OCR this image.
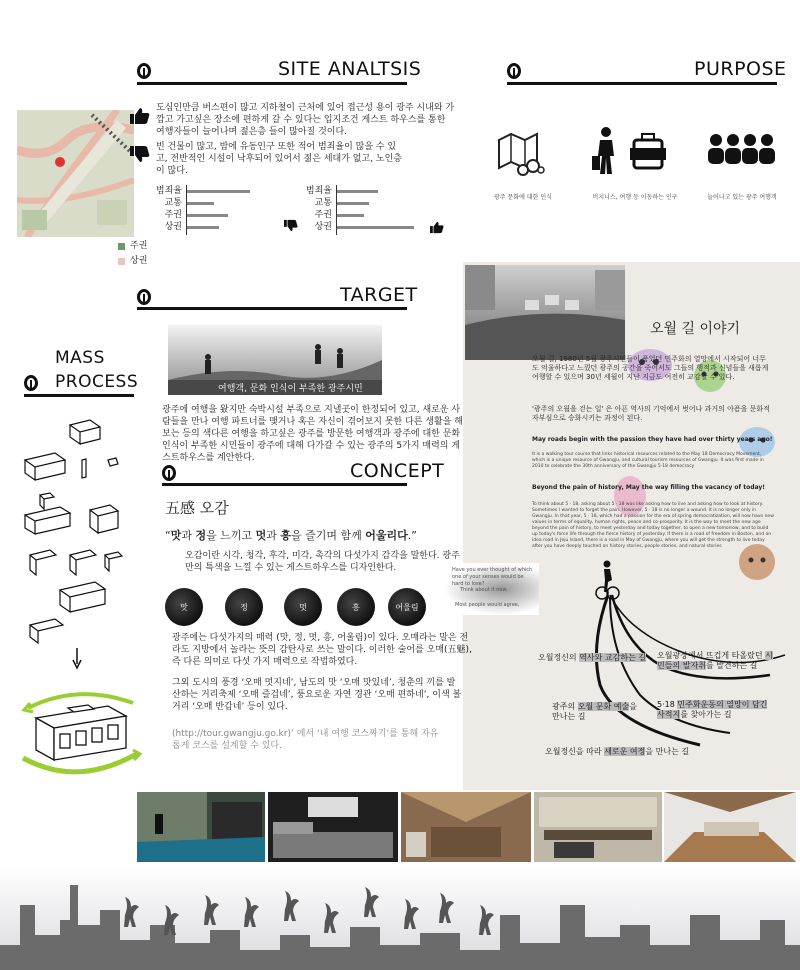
SITE ANALTSIS
주권
상권
도심인만큼 버스편이 많고 지하철이 근처에 있어 접근성 용이 광주 시내와 가깝고 가고싶은 장소에 편하게 갈 수 있다는 입지조건 게스트 하우스를 통한 여행자들이 늘어나며 젊은층 들이 많아질 것이다.
빈 건물이 많고, 밤에 유동인구 또한 적어 범죄율이 많을 수 있고, 전반적인 시설이 낙후되어 있어서 젊은 세대가 없고, 노인층이 많다.
범죄율
교통
주권
상권
범죄율
교통
주권
상권
PURPOSE
광주 문화에 대한 인식	비지니스, 여행 등 이동하는 인구	늘어나고 있는 광주 여행객
오월 길 이야기
오월 길, 1980년 5월 광주시민들이 품었던 민주화의 열망에서 시작되어 너무도 억울하다고 느꼈던 광주의 공간을 죽어서도 그들의 행적과 신념들을 새롭게 여행할 수 있으며 30년 세월이 지난 지금도 여전히 교감할 수 있다.
'광주의 오월을 걷는 일' 은 아픈 역사의 기억에서 벗어나 과거의 아픔을 문화적 자부심으로 승화시키는 과정이 된다.
May roads begin with the passion they have had over thirty years ago!
It is a walking tour course that links historical resources related to the May 18 Democracy Movement, which is a unique resource of Gwangju, and cultural tourism resources of Gwangju. It was first made in 2010 to celebrate the 30th anniversary of the Gwangju 5·18 democracy
Beyond the pain of history, May the way filling the vacancy of today!
To think about 5 · 18, asking about 5 · 18 was like asking how to live and asking how to look at history. Sometimes I wanted to forget the pain. However, 5 · 18 is no longer a wound. It is no longer only in Gwangju. In that year, 5 · 18, which had a passion for the era of spring democratization, will now have new values in terms of equality, human rights, peace and co-prosperity. It is the way to meet the new age beyond the pain of history, to meet yesterday and today together, to open a new tomorrow, and to build up today's force life through the fierce history of yesterday. If there is a road of freedom in Boston, and an idea road in Jeju Island, there is a road in May of Gwangju, where you will get the strength to live today after you have deeply touched on history stories, people stories, and natural stories
오월정신의 역사와 교감하는 길 오월광장에서 뜨겁게 타올랐던 시민들의 발자취를 발견하는 길
광주의 오월 문화 예술을 만나는 길
5·18 민주화운동의 열망이 담긴 사적지를 찾아가는 길
오월정신을 따라 새로운 여정을 만나는 길
TARGET
여행객, 문화 인식이 부족한 광주시민
광주에 여행을 왔지만 숙박시설 부족으로 지낼곳이 한정되어 있고, 새로운 사람들을 만나 여행 파트너를 맺거나 혹은 자신이 겪어보지 못한 다른 생활을 해보는 등의 색다른 여행을 하고싶은 광주를 방문한 여행객과 광주에 대한 문화인식이 부족한 시민들이 광주에 대해 다가갈 수 있는 광주의 5가지 매력의 게스트하우스를 계안한다.
MASS
PROCESS
CONCEPT
五感 오감
“맛과 정을 느끼고 멋과 흥을 즐기며 함께 어울리다.”
오감이란 시각, 청각, 후각, 미각, 촉각의 다섯가지 감각을 말한다. 광주만의 특색을 느낄 수 있는 게스트하우스를 디자인한다.
맛	정	멋	흥	어울림
Have you ever thought of which one of your senses would be hard to lose?
Think about it now.
Most people would agree,
광주에는 다섯가지의 매력 (맛, 정, 멋, 흥, 어울림)이 있다. 오매라는 말은 전라도 지방에서 놀라는 뜻의 감탄사로 쓰는 말이다. 이러한 술어를 오매(五魅), 즉 다른 의미로 다섯 가지 매력으로 작법하였다.
그외 도시의 풍경 ‘오매 멋지네’, 남도의 맛 ‘오매 맛있네’, 청춘의 끼를 발산하는 거리축제 ‘오매 즐겁네’, 풍요로운 자연 경관 ‘오매 편하네’, 이색 볼거리 ‘오매 반갑네’ 등이 있다.
(http://tour.gwangju.go.kr)’ 에서 ‘내 여행 코스짜기’를 통해 자유롭게 코스를 설계할 수 있다.
